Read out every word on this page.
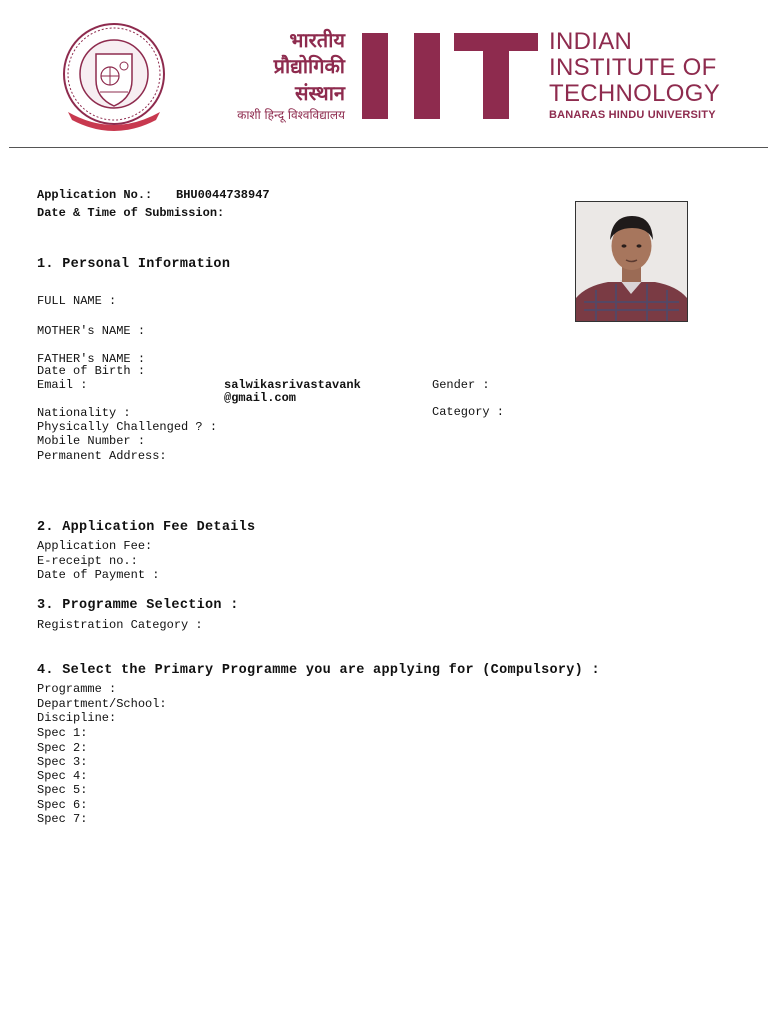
भारतीय
प्रौद्योगिकी
संस्थान
काशी हिन्दू विश्वविद्यालय
INDIAN
INSTITUTE OF
TECHNOLOGY
BANARAS HINDU UNIVERSITY
Application No.: BHU0044738947
Date & Time of Submission:
1. Personal Information
FULL NAME :
MOTHER's NAME :
FATHER's NAME :
Date of Birth :
Email :	salwikasrivastavank
@gmail.com
Gender :
Nationality :	Category :
Physically Challenged ? :
Mobile Number :
Permanent Address:
2. Application Fee Details
Application Fee:
E-receipt no.:
Date of Payment :
3. Programme Selection :
Registration Category :
4. Select the Primary Programme you are applying for (Compulsory) :
Programme :
Department/School:
Discipline:
Spec 1:
Spec 2:
Spec 3:
Spec 4:
Spec 5:
Spec 6:
Spec 7:
